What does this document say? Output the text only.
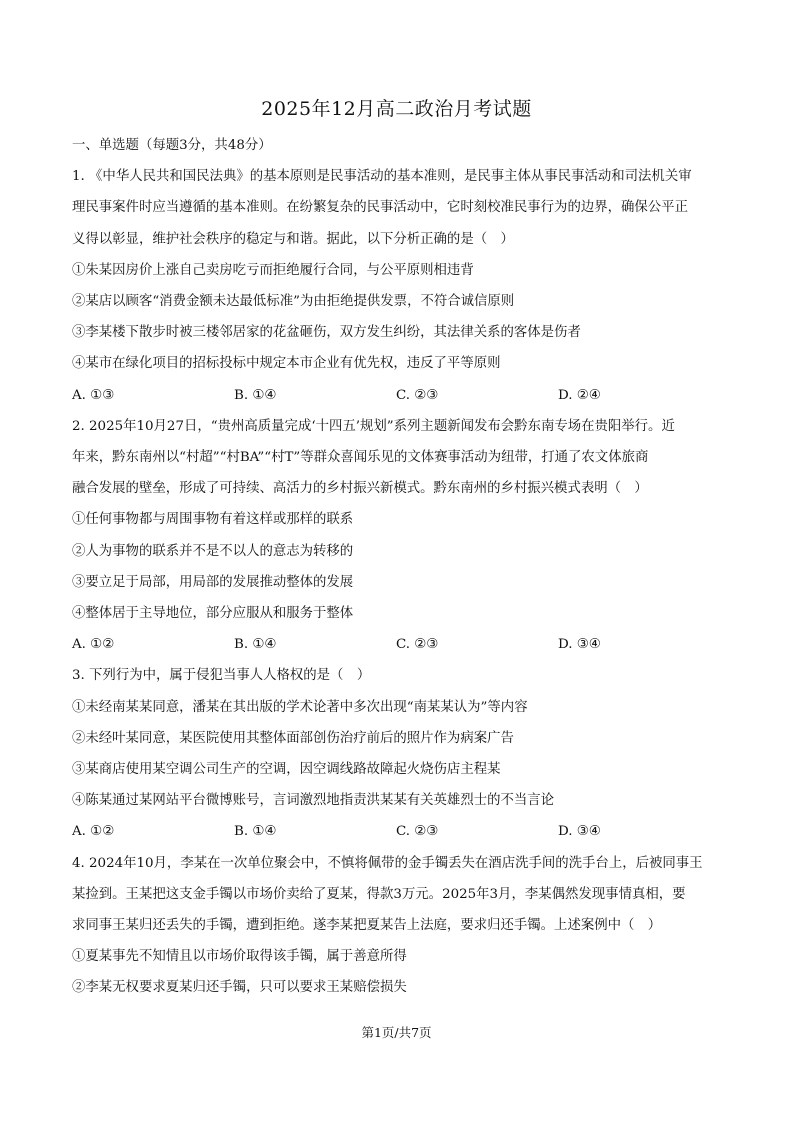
2025年12月高二政治月考试题
一、单选题（每题3分，共48分）
1. 《中华人民共和国民法典》的基本原则是民事活动的基本准则，是民事主体从事民事活动和司法机关审
理民事案件时应当遵循的基本准则。在纷繁复杂的民事活动中，它时刻校准民事行为的边界，确保公平正
义得以彰显，维护社会秩序的稳定与和谐。据此，以下分析正确的是（　）
①朱某因房价上涨自己卖房吃亏而拒绝履行合同，与公平原则相违背
②某店以顾客“消费金额未达最低标准”为由拒绝提供发票，不符合诚信原则
③李某楼下散步时被三楼邻居家的花盆砸伤，双方发生纠纷，其法律关系的客体是伤者
④某市在绿化项目的招标投标中规定本市企业有优先权，违反了平等原则
A. ①③	B. ①④	C. ②③	D. ②④
2. 2025年10月27日，“贵州高质量完成‘十四五’规划”系列主题新闻发布会黔东南专场在贵阳举行。近
年来，黔东南州以“村超”“村BA”“村T”等群众喜闻乐见的文体赛事活动为纽带，打通了农文体旅商
融合发展的壁垒，形成了可持续、高活力的乡村振兴新模式。黔东南州的乡村振兴模式表明（　）
①任何事物都与周围事物有着这样或那样的联系
②人为事物的联系并不是不以人的意志为转移的
③要立足于局部，用局部的发展推动整体的发展
④整体居于主导地位，部分应服从和服务于整体
A. ①②	B. ①④	C. ②③	D. ③④
3. 下列行为中，属于侵犯当事人人格权的是（　）
①未经南某某同意，潘某在其出版的学术论著中多次出现“南某某认为”等内容
②未经叶某同意，某医院使用其整体面部创伤治疗前后的照片作为病案广告
③某商店使用某空调公司生产的空调，因空调线路故障起火烧伤店主程某
④陈某通过某网站平台微博账号，言词激烈地指责洪某某有关英雄烈士的不当言论
A. ①②	B. ①④	C. ②③	D. ③④
4. 2024年10月，李某在一次单位聚会中，不慎将佩带的金手镯丢失在酒店洗手间的洗手台上，后被同事王
某捡到。王某把这支金手镯以市场价卖给了夏某，得款3万元。2025年3月，李某偶然发现事情真相，要
求同事王某归还丢失的手镯，遭到拒绝。遂李某把夏某告上法庭，要求归还手镯。上述案例中（　）
①夏某事先不知情且以市场价取得该手镯，属于善意所得
②李某无权要求夏某归还手镯，只可以要求王某赔偿损失
第1页/共7页
